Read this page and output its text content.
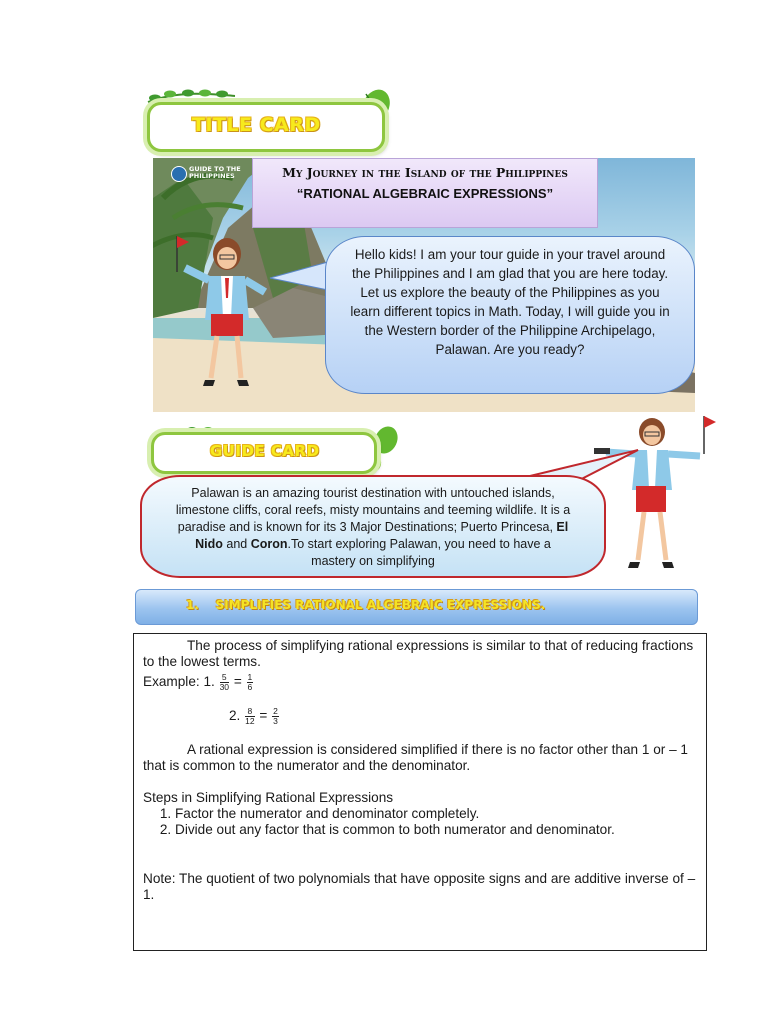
TITLE CARD
GUIDE TO THE PHILIPPINES	My Journey in the Island of the Philippines
“RATIONAL ALGEBRAIC EXPRESSIONS”
Hello kids! I am your tour guide in your travel around the Philippines and I am glad that you are here today. Let us explore the beauty of the Philippines as you learn different topics in Math. Today, I will guide you in the Western border of the Philippine Archipelago, Palawan. Are you ready?
GUIDE CARD
Palawan is an amazing tourist destination with untouched islands, limestone cliffs, coral reefs, misty mountains and teeming wildlife. It is a paradise and is known for its 3 Major Destinations; Puerto Princesa, El Nido and Coron.To start exploring Palawan, you need to have a mastery on simplifying
1. SIMPLIFIES RATIONAL ALGEBRAIC EXPRESSIONS.
The process of simplifying rational expressions is similar to that of reducing fractions to the lowest terms.
Example: 1. $\frac{5}{30} = \frac{1}{6}$
2. $\frac{8}{12} = \frac{2}{3}$
A rational expression is considered simplified if there is no factor other than 1 or – 1 that is common to the numerator and the denominator.
Steps in Simplifying Rational Expressions
1. Factor the numerator and denominator completely.
2. Divide out any factor that is common to both numerator and denominator.
Note: The quotient of two polynomials that have opposite signs and are additive inverse of – 1.
